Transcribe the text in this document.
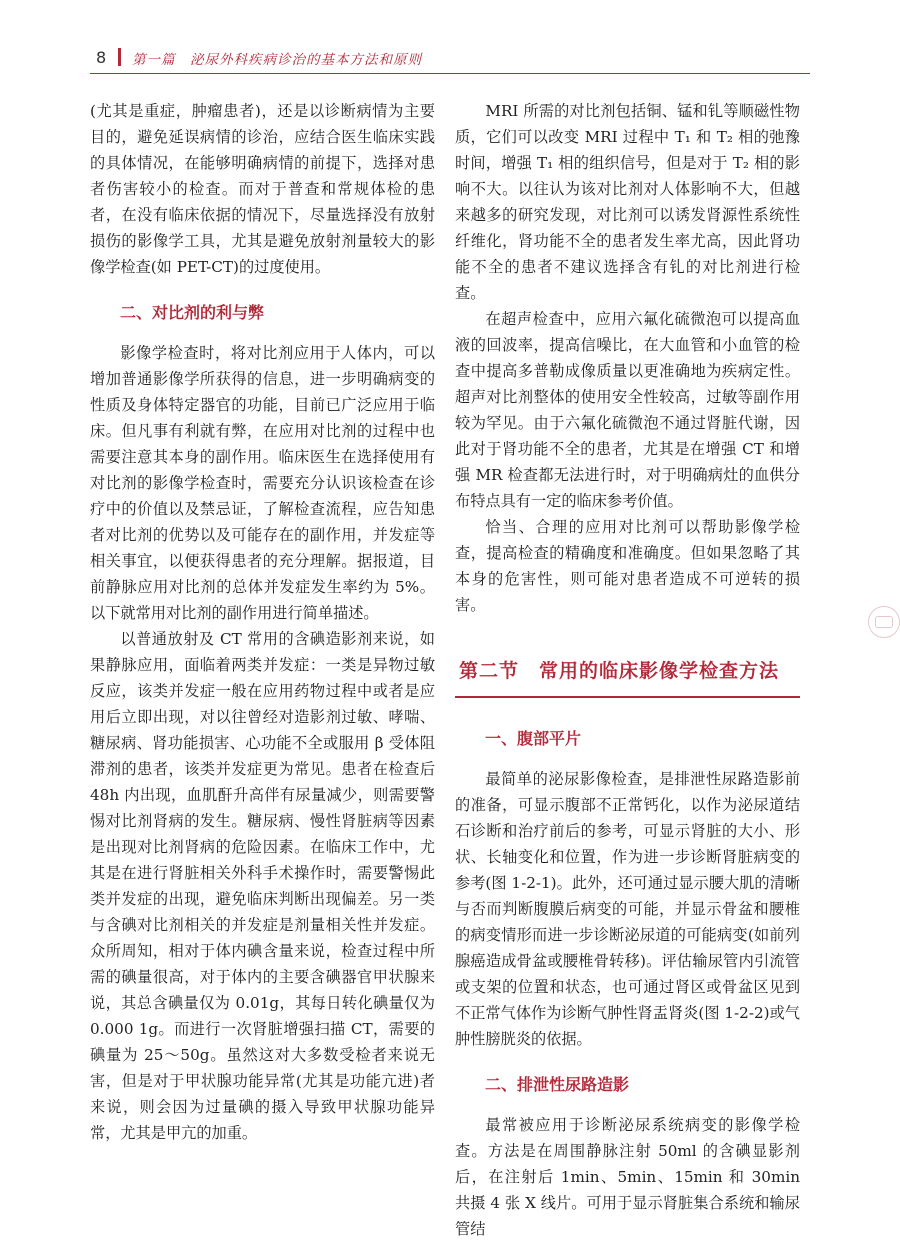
8 第一篇　泌尿外科疾病诊治的基本方法和原则

(尤其是重症，肿瘤患者)，还是以诊断病情为主要目的，避免延误病情的诊治，应结合医生临床实践的具体情况，在能够明确病情的前提下，选择对患者伤害较小的检查。而对于普查和常规体检的患者，在没有临床依据的情况下，尽量选择没有放射损伤的影像学工具，尤其是避免放射剂量较大的影像学检查(如 PET-CT)的过度使用。

二、对比剂的利与弊

影像学检查时，将对比剂应用于人体内，可以增加普通影像学所获得的信息，进一步明确病变的性质及身体特定器官的功能，目前已广泛应用于临床。但凡事有利就有弊，在应用对比剂的过程中也需要注意其本身的副作用。临床医生在选择使用有对比剂的影像学检查时，需要充分认识该检查在诊疗中的价值以及禁忌证，了解检查流程，应告知患者对比剂的优势以及可能存在的副作用，并发症等相关事宜，以便获得患者的充分理解。据报道，目前静脉应用对比剂的总体并发症发生率约为 5%。以下就常用对比剂的副作用进行简单描述。

以普通放射及 CT 常用的含碘造影剂来说，如果静脉应用，面临着两类并发症：一类是异物过敏反应，该类并发症一般在应用药物过程中或者是应用后立即出现，对以往曾经对造影剂过敏、哮喘、糖尿病、肾功能损害、心功能不全或服用 β 受体阻滞剂的患者，该类并发症更为常见。患者在检查后 48h 内出现，血肌酐升高伴有尿量减少，则需要警惕对比剂肾病的发生。糖尿病、慢性肾脏病等因素是出现对比剂肾病的危险因素。在临床工作中，尤其是在进行肾脏相关外科手术操作时，需要警惕此类并发症的出现，避免临床判断出现偏差。另一类与含碘对比剂相关的并发症是剂量相关性并发症。众所周知，相对于体内碘含量来说，检查过程中所需的碘量很高，对于体内的主要含碘器官甲状腺来说，其总含碘量仅为 0.01g，其每日转化碘量仅为 0.000 1g。而进行一次肾脏增强扫描 CT，需要的碘量为 25～50g。虽然这对大多数受检者来说无害，但是对于甲状腺功能异常(尤其是功能亢进)者来说，则会因为过量碘的摄入导致甲状腺功能异常，尤其是甲亢的加重。

MRI 所需的对比剂包括铜、锰和钆等顺磁性物质，它们可以改变 MRI 过程中 T₁ 和 T₂ 相的弛豫时间，增强 T₁ 相的组织信号，但是对于 T₂ 相的影响不大。以往认为该对比剂对人体影响不大，但越来越多的研究发现，对比剂可以诱发肾源性系统性纤维化，肾功能不全的患者发生率尤高，因此肾功能不全的患者不建议选择含有钆的对比剂进行检查。

在超声检查中，应用六氟化硫微泡可以提高血液的回波率，提高信噪比，在大血管和小血管的检查中提高多普勒成像质量以更准确地为疾病定性。超声对比剂整体的使用安全性较高，过敏等副作用较为罕见。由于六氟化硫微泡不通过肾脏代谢，因此对于肾功能不全的患者，尤其是在增强 CT 和增强 MR 检查都无法进行时，对于明确病灶的血供分布特点具有一定的临床参考价值。

恰当、合理的应用对比剂可以帮助影像学检查，提高检查的精确度和准确度。但如果忽略了其本身的危害性，则可能对患者造成不可逆转的损害。

第二节　常用的临床影像学检查方法
一、腹部平片

最简单的泌尿影像检查，是排泄性尿路造影前的准备，可显示腹部不正常钙化，以作为泌尿道结石诊断和治疗前后的参考，可显示肾脏的大小、形状、长轴变化和位置，作为进一步诊断肾脏病变的参考(图 1-2-1)。此外，还可通过显示腰大肌的清晰与否而判断腹膜后病变的可能，并显示骨盆和腰椎的病变情形而进一步诊断泌尿道的可能病变(如前列腺癌造成骨盆或腰椎骨转移)。评估输尿管内引流管或支架的位置和状态，也可通过肾区或骨盆区见到不正常气体作为诊断气肿性肾盂肾炎(图 1-2-2)或气肿性膀胱炎的依据。

二、排泄性尿路造影

最常被应用于诊断泌尿系统病变的影像学检查。方法是在周围静脉注射 50ml 的含碘显影剂后，在注射后 1min、5min、15min 和 30min 共摄 4 张 X 线片。可用于显示肾脏集合系统和输尿管结
